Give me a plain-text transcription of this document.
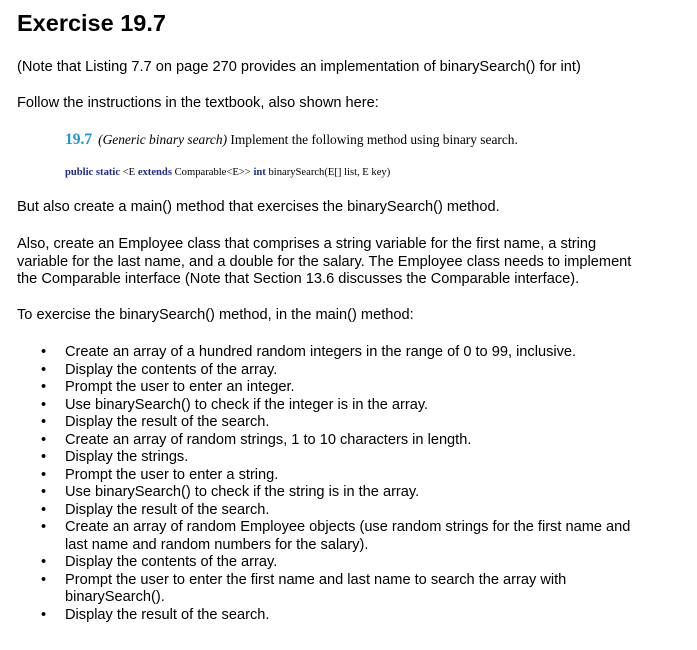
Exercise 19.7

(Note that Listing 7.7 on page 270 provides an implementation of binarySearch() for int)

Follow the instructions in the textbook, also shown here:

19.7 (Generic binary search) Implement the following method using binary search.
public static <E extends Comparable<E>> int binarySearch(E[] list, E key)

But also create a main() method that exercises the binarySearch() method.

Also, create an Employee class that comprises a string variable for the first name, a string variable for the last name, and a double for the salary. The Employee class needs to implement the Comparable interface (Note that Section 13.6 discusses the Comparable interface).

To exercise the binarySearch() method, in the main() method:

• Create an array of a hundred random integers in the range of 0 to 99, inclusive.
• Display the contents of the array.
• Prompt the user to enter an integer.
• Use binarySearch() to check if the integer is in the array.
• Display the result of the search.
• Create an array of random strings, 1 to 10 characters in length.
• Display the strings.
• Prompt the user to enter a string.
• Use binarySearch() to check if the string is in the array.
• Display the result of the search.
• Create an array of random Employee objects (use random strings for the first name and last name and random numbers for the salary).
• Display the contents of the array.
• Prompt the user to enter the first name and last name to search the array with binarySearch().
• Display the result of the search.
